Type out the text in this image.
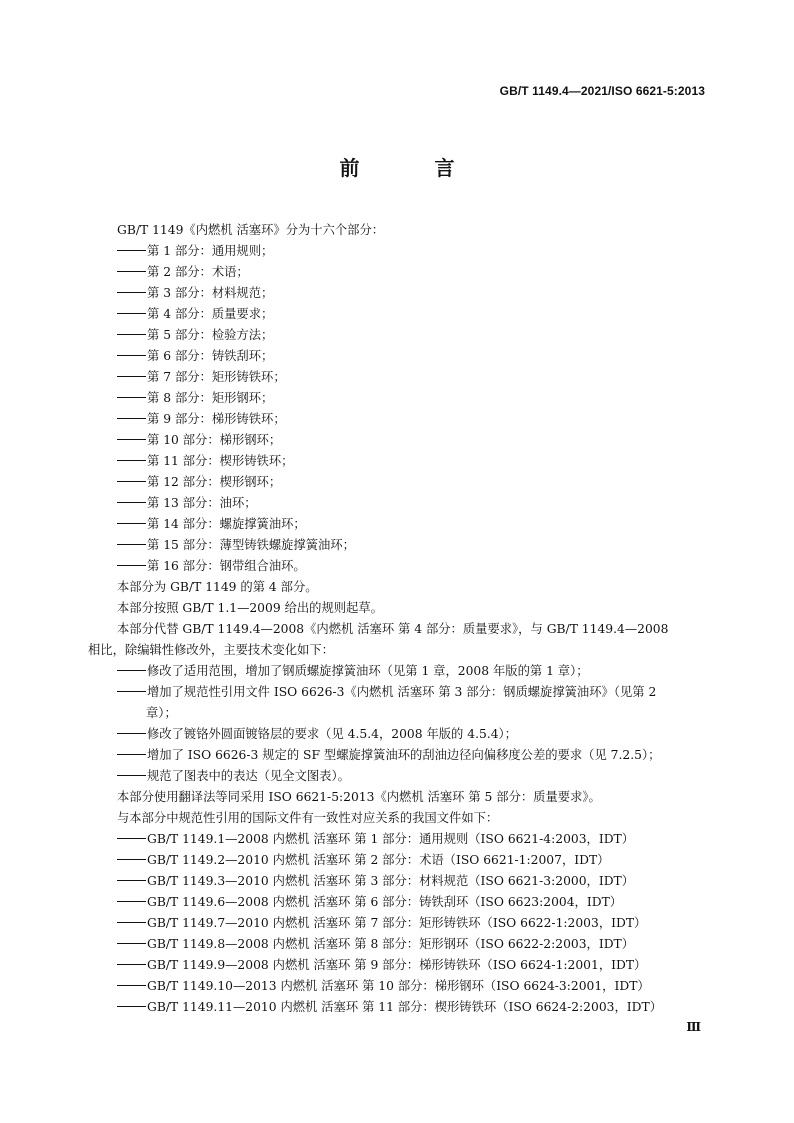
GB/T 1149.4—2021/ISO 6621-5:2013
前 言

GB/T 1149《内燃机 活塞环》分为十六个部分：

第 1 部分：通用规则；

第 2 部分：术语；

第 3 部分：材料规范；

第 4 部分：质量要求；

第 5 部分：检验方法；

第 6 部分：铸铁刮环；

第 7 部分：矩形铸铁环；

第 8 部分：矩形钢环；

第 9 部分：梯形铸铁环；

第 10 部分：梯形钢环；

第 11 部分：楔形铸铁环；

第 12 部分：楔形钢环；

第 13 部分：油环；

第 14 部分：螺旋撑簧油环；

第 15 部分：薄型铸铁螺旋撑簧油环；

第 16 部分：钢带组合油环。

本部分为 GB/T 1149 的第 4 部分。

本部分按照 GB/T 1.1—2009 给出的规则起草。

本部分代替 GB/T 1149.4—2008《内燃机 活塞环 第 4 部分：质量要求》，与 GB/T 1149.4—2008

相比，除编辑性修改外，主要技术变化如下：

修改了适用范围，增加了钢质螺旋撑簧油环（见第 1 章，2008 年版的第 1 章）；

增加了规范性引用文件 ISO 6626-3《内燃机 活塞环 第 3 部分：钢质螺旋撑簧油环》（见第 2

章）；

修改了镀铬外圆面镀铬层的要求（见 4.5.4，2008 年版的 4.5.4）；

增加了 ISO 6626-3 规定的 SF 型螺旋撑簧油环的刮油边径向偏移度公差的要求（见 7.2.5）；

规范了图表中的表达（见全文图表）。

本部分使用翻译法等同采用 ISO 6621-5:2013《内燃机 活塞环 第 5 部分：质量要求》。

与本部分中规范性引用的国际文件有一致性对应关系的我国文件如下：

GB/T 1149.1—2008 内燃机 活塞环 第 1 部分：通用规则（ISO 6621-4:2003，IDT）

GB/T 1149.2—2010 内燃机 活塞环 第 2 部分：术语（ISO 6621-1:2007，IDT）

GB/T 1149.3—2010 内燃机 活塞环 第 3 部分：材料规范（ISO 6621-3:2000，IDT）

GB/T 1149.6—2008 内燃机 活塞环 第 6 部分：铸铁刮环（ISO 6623:2004，IDT）

GB/T 1149.7—2010 内燃机 活塞环 第 7 部分：矩形铸铁环（ISO 6622-1:2003，IDT）

GB/T 1149.8—2008 内燃机 活塞环 第 8 部分：矩形钢环（ISO 6622-2:2003，IDT）

GB/T 1149.9—2008 内燃机 活塞环 第 9 部分：梯形铸铁环（ISO 6624-1:2001，IDT）

GB/T 1149.10—2013 内燃机 活塞环 第 10 部分：梯形钢环（ISO 6624-3:2001，IDT）

GB/T 1149.11—2010 内燃机 活塞环 第 11 部分：楔形铸铁环（ISO 6624-2:2003，IDT）

Ⅲ
